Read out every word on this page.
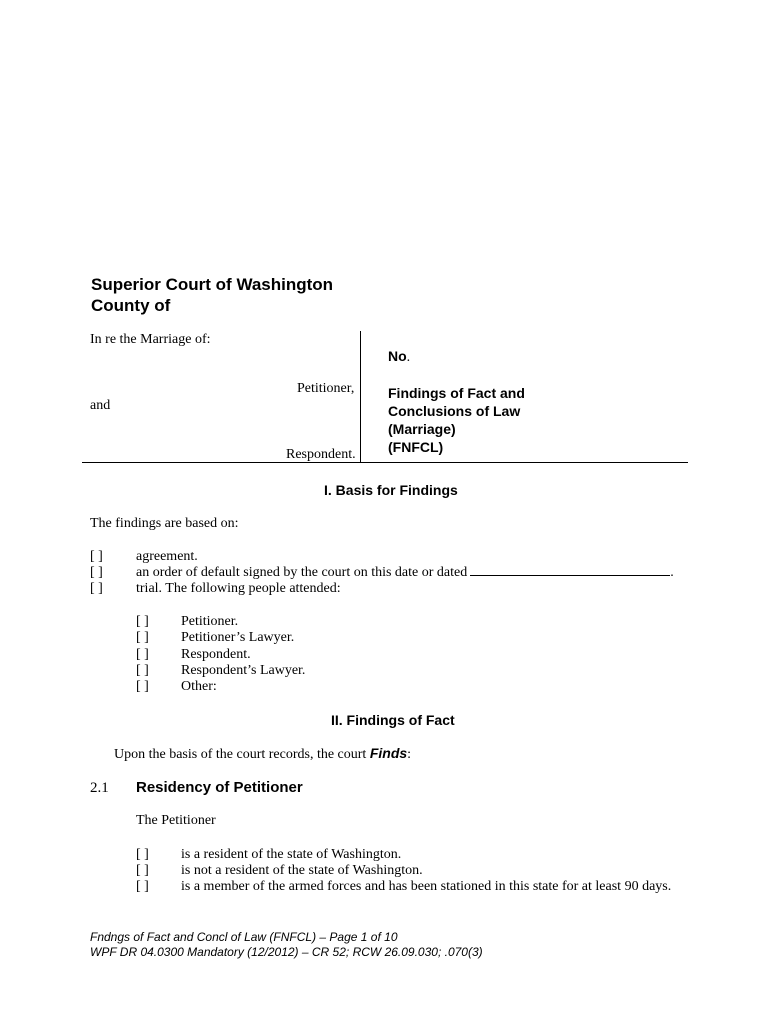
Superior Court of Washington
County of
In re the Marriage of:
Petitioner,
and
Respondent.
No.
Findings of Fact and
Conclusions of Law
(Marriage)
(FNFCL)
I. Basis for Findings
The findings are based on:
[ ] agreement.
[ ] an order of default signed by the court on this date or dated	.
[ ] trial. The following people attended:
[ ] Petitioner.
[ ] Petitioner’s Lawyer.
[ ] Respondent.
[ ] Respondent’s Lawyer.
[ ] Other:
II. Findings of Fact
Upon the basis of the court records, the court Finds:
2.1 Residency of Petitioner
The Petitioner
[ ] is a resident of the state of Washington.
[ ] is not a resident of the state of Washington.
[ ] is a member of the armed forces and has been stationed in this state for at least 90 days.
Fndngs of Fact and Concl of Law (FNFCL) – Page 1 of 10
WPF DR 04.0300 Mandatory (12/2012) – CR 52; RCW 26.09.030; .070(3)
